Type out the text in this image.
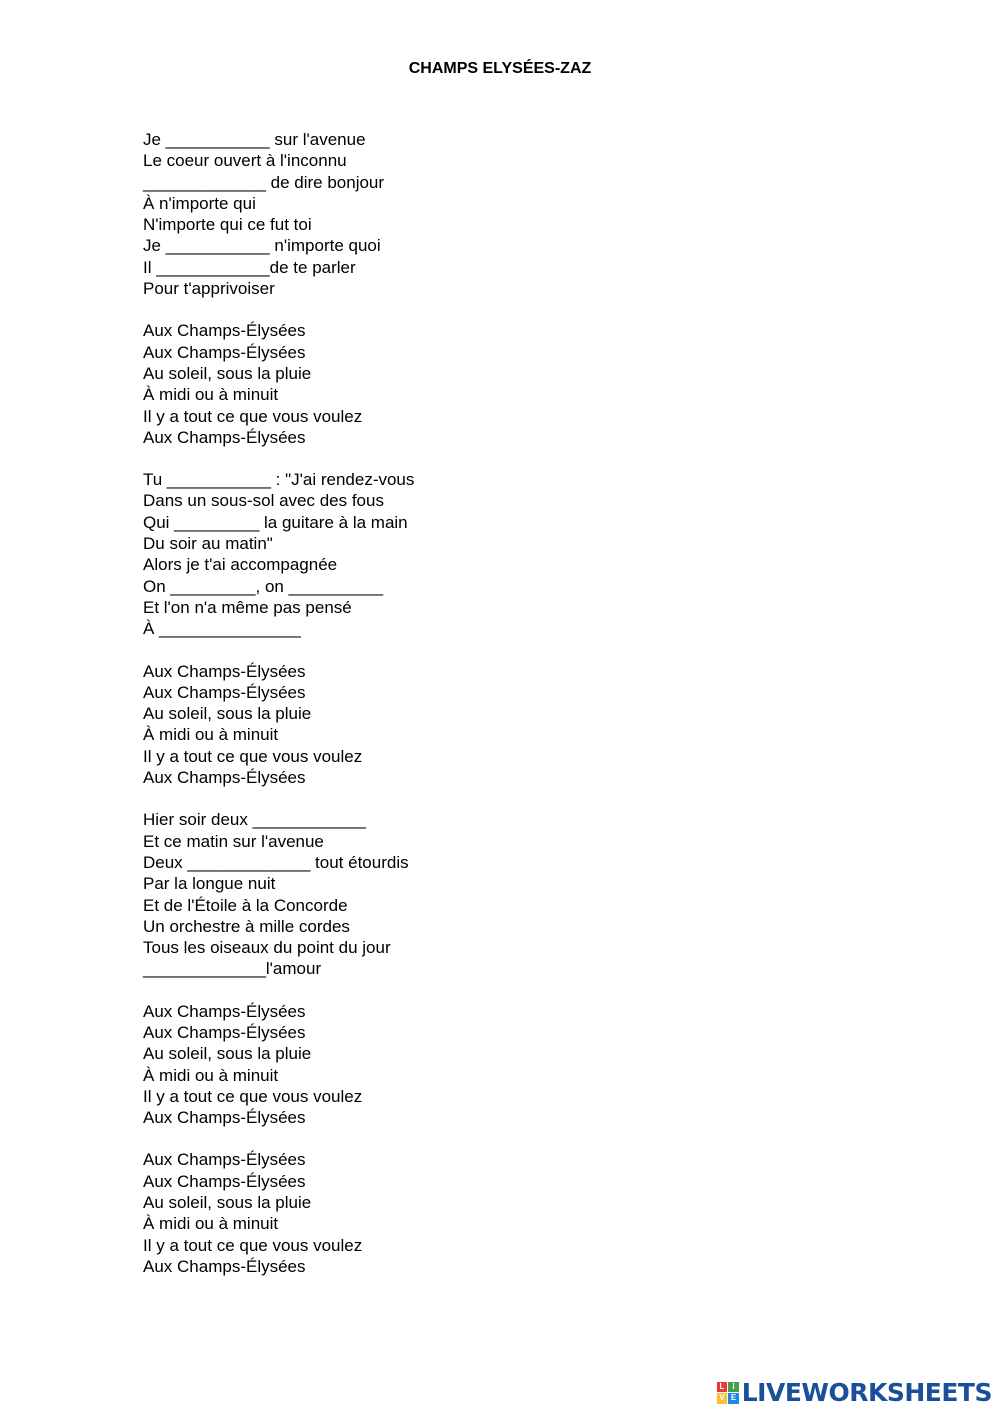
CHAMPS ELYSÉES-ZAZ
Je ___________ sur l'avenue
Le coeur ouvert à l'inconnu
_____________ de dire bonjour
À n'importe qui
N'importe qui ce fut toi
Je ___________ n'importe quoi
Il ____________de te parler
Pour t'apprivoiser
Aux Champs-Élysées
Aux Champs-Élysées
Au soleil, sous la pluie
À midi ou à minuit
Il y a tout ce que vous voulez
Aux Champs-Élysées
Tu ___________ : "J'ai rendez-vous
Dans un sous-sol avec des fous
Qui _________ la guitare à la main
Du soir au matin"
Alors je t'ai accompagnée
On _________, on __________
Et l'on n'a même pas pensé
À _______________
Aux Champs-Élysées
Aux Champs-Élysées
Au soleil, sous la pluie
À midi ou à minuit
Il y a tout ce que vous voulez
Aux Champs-Élysées
Hier soir deux ____________
Et ce matin sur l'avenue
Deux _____________ tout étourdis
Par la longue nuit
Et de l'Étoile à la Concorde
Un orchestre à mille cordes
Tous les oiseaux du point du jour
_____________l'amour
Aux Champs-Élysées
Aux Champs-Élysées
Au soleil, sous la pluie
À midi ou à minuit
Il y a tout ce que vous voulez
Aux Champs-Élysées
Aux Champs-Élysées
Aux Champs-Élysées
Au soleil, sous la pluie
À midi ou à minuit
Il y a tout ce que vous voulez
Aux Champs-Élysées
L I
V E LIVEWORKSHEETS
